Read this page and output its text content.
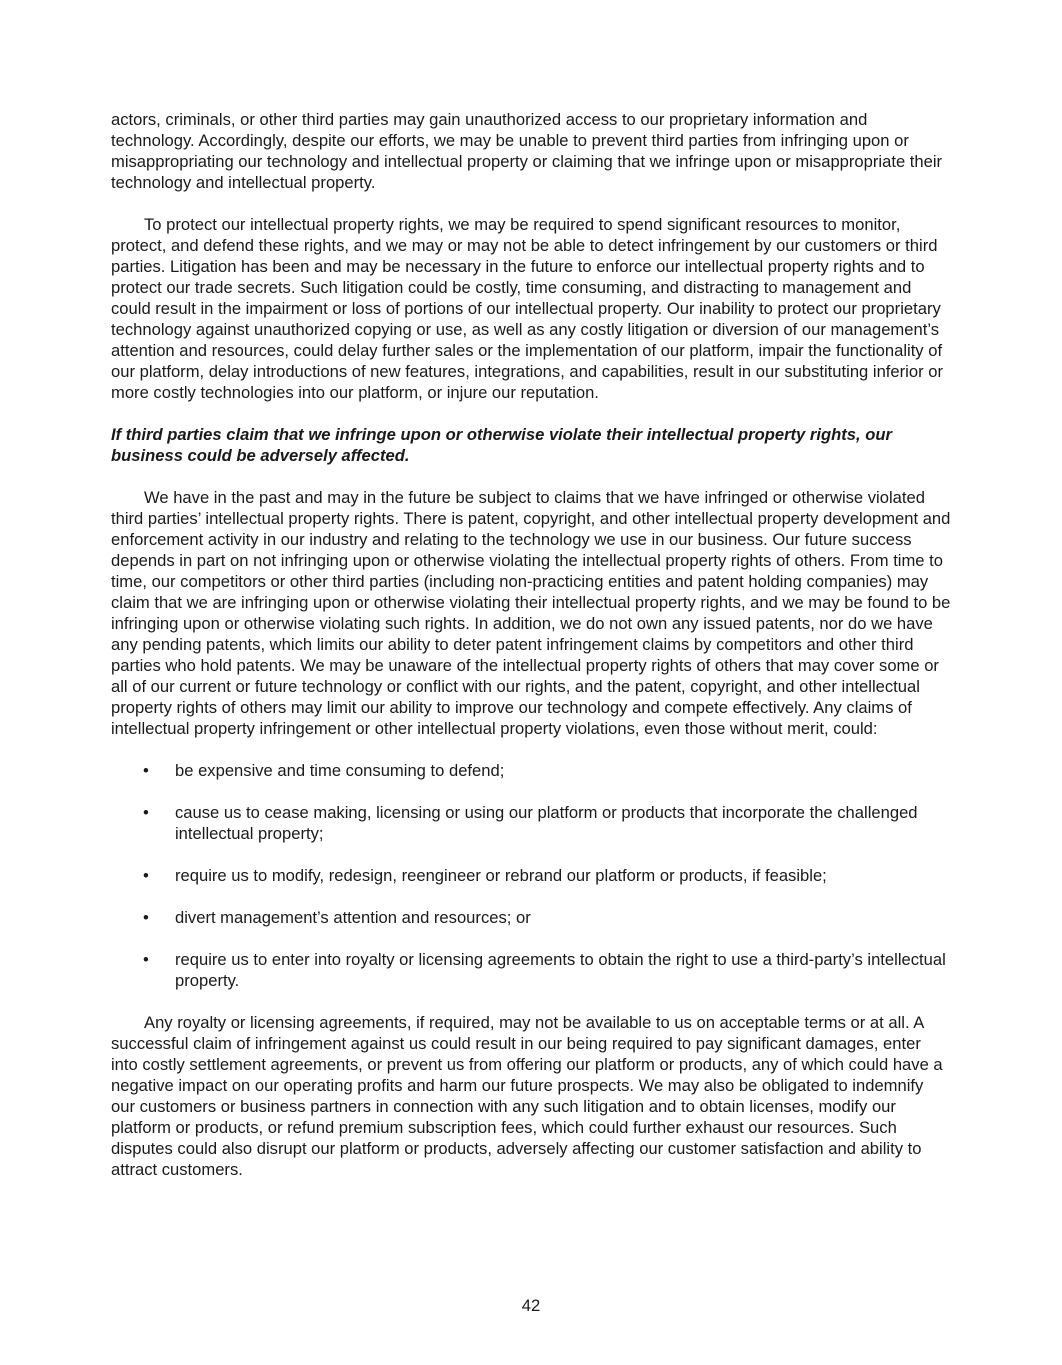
actors, criminals, or other third parties may gain unauthorized access to our proprietary information and technology. Accordingly, despite our efforts, we may be unable to prevent third parties from infringing upon or misappropriating our technology and intellectual property or claiming that we infringe upon or misappropriate their technology and intellectual property.

To protect our intellectual property rights, we may be required to spend significant resources to monitor, protect, and defend these rights, and we may or may not be able to detect infringement by our customers or third parties. Litigation has been and may be necessary in the future to enforce our intellectual property rights and to protect our trade secrets. Such litigation could be costly, time consuming, and distracting to management and could result in the impairment or loss of portions of our intellectual property. Our inability to protect our proprietary technology against unauthorized copying or use, as well as any costly litigation or diversion of our management’s attention and resources, could delay further sales or the implementation of our platform, impair the functionality of our platform, delay introductions of new features, integrations, and capabilities, result in our substituting inferior or more costly technologies into our platform, or injure our reputation.

If third parties claim that we infringe upon or otherwise violate their intellectual property rights, our business could be adversely affected.

We have in the past and may in the future be subject to claims that we have infringed or otherwise violated third parties’ intellectual property rights. There is patent, copyright, and other intellectual property development and enforcement activity in our industry and relating to the technology we use in our business. Our future success depends in part on not infringing upon or otherwise violating the intellectual property rights of others. From time to time, our competitors or other third parties (including non-practicing entities and patent holding companies) may claim that we are infringing upon or otherwise violating their intellectual property rights, and we may be found to be infringing upon or otherwise violating such rights. In addition, we do not own any issued patents, nor do we have any pending patents, which limits our ability to deter patent infringement claims by competitors and other third parties who hold patents. We may be unaware of the intellectual property rights of others that may cover some or all of our current or future technology or conflict with our rights, and the patent, copyright, and other intellectual property rights of others may limit our ability to improve our technology and compete effectively. Any claims of intellectual property infringement or other intellectual property violations, even those without merit, could:

• be expensive and time consuming to defend;
• cause us to cease making, licensing or using our platform or products that incorporate the challenged intellectual property;
• require us to modify, redesign, reengineer or rebrand our platform or products, if feasible;
• divert management’s attention and resources; or
• require us to enter into royalty or licensing agreements to obtain the right to use a third-party’s intellectual property.

Any royalty or licensing agreements, if required, may not be available to us on acceptable terms or at all. A successful claim of infringement against us could result in our being required to pay significant damages, enter into costly settlement agreements, or prevent us from offering our platform or products, any of which could have a negative impact on our operating profits and harm our future prospects. We may also be obligated to indemnify our customers or business partners in connection with any such litigation and to obtain licenses, modify our platform or products, or refund premium subscription fees, which could further exhaust our resources. Such disputes could also disrupt our platform or products, adversely affecting our customer satisfaction and ability to attract customers.

42
